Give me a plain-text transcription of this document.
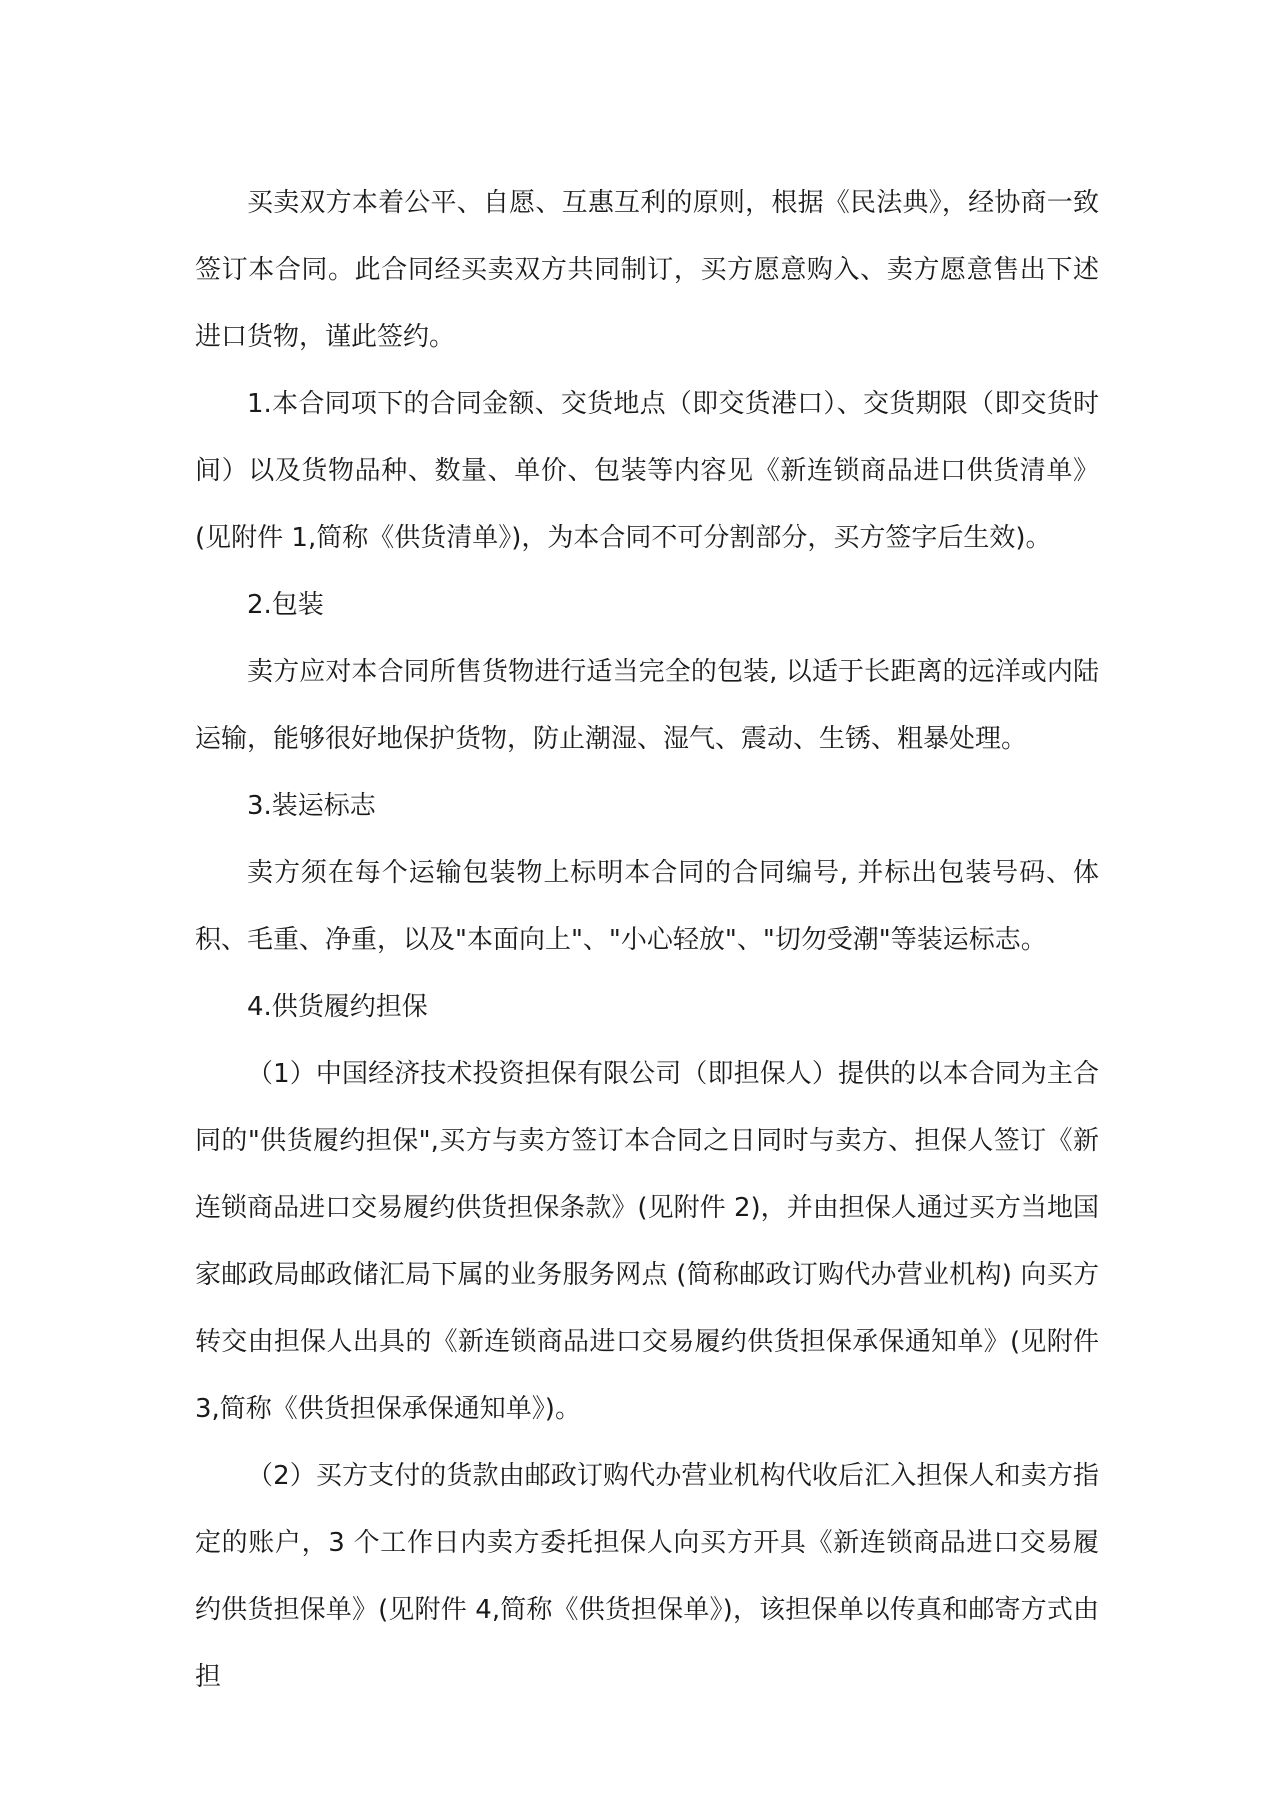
买卖双方本着公平、自愿、互惠互利的原则，根据《民法典》，经协商一致签订本合同。此合同经买卖双方共同制订，买方愿意购入、卖方愿意售出下述进口货物，谨此签约。

1.本合同项下的合同金额、交货地点（即交货港口）、交货期限（即交货时间）以及货物品种、数量、单价、包装等内容见《新连锁商品进口供货清单》(见附件 1,简称《供货清单》)，为本合同不可分割部分，买方签字后生效)。

2.包装

卖方应对本合同所售货物进行适当完全的包装, 以适于长距离的远洋或内陆运输，能够很好地保护货物，防止潮湿、湿气、震动、生锈、粗暴处理。

3.装运标志

卖方须在每个运输包装物上标明本合同的合同编号, 并标出包装号码、体积、毛重、净重，以及"本面向上"、"小心轻放"、"切勿受潮"等装运标志。

4.供货履约担保

（1）中国经济技术投资担保有限公司（即担保人）提供的以本合同为主合同的"供货履约担保",买方与卖方签订本合同之日同时与卖方、担保人签订《新连锁商品进口交易履约供货担保条款》(见附件 2)，并由担保人通过买方当地国家邮政局邮政储汇局下属的业务服务网点 (简称邮政订购代办营业机构) 向买方转交由担保人出具的《新连锁商品进口交易履约供货担保承保通知单》(见附件 3,简称《供货担保承保通知单》)。

（2）买方支付的货款由邮政订购代办营业机构代收后汇入担保人和卖方指定的账户，3 个工作日内卖方委托担保人向买方开具《新连锁商品进口交易履约供货担保单》(见附件 4,简称《供货担保单》)，该担保单以传真和邮寄方式由担
